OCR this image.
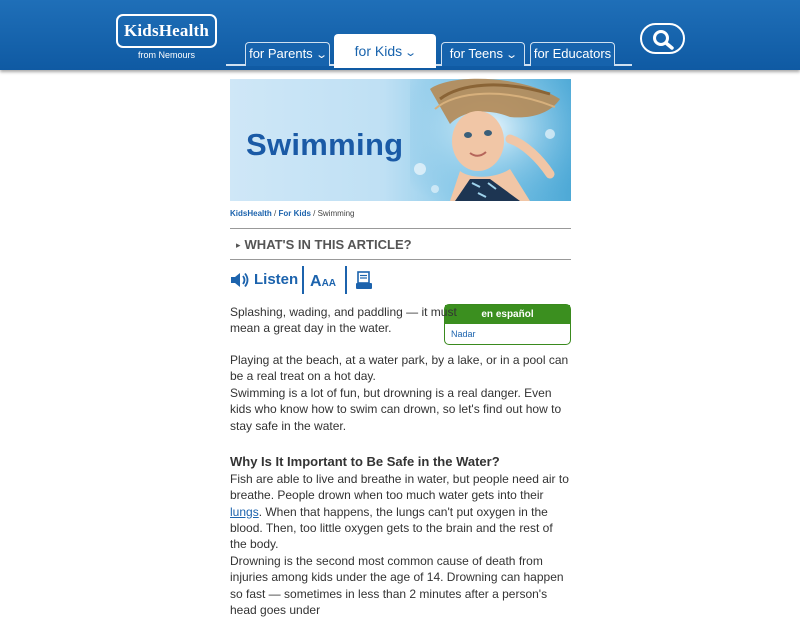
KidsHealth
from Nemours	for Parents ⌄	for Kids ⌄	for Teens ⌄	for Educators
Swimming
KidsHealth / For Kids / Swimming
▸ WHAT'S IN THIS ARTICLE?
Listen AAA
en español
Nadar
Splashing, wading, and paddling — it must mean a great day in the water.
Playing at the beach, at a water park, by a lake, or in a pool can be a real treat on a hot day.
Swimming is a lot of fun, but drowning is a real danger. Even kids who know how to swim can drown, so let's find out how to stay safe in the water.
Why Is It Important to Be Safe in the Water?
Fish are able to live and breathe in water, but people need air to breathe. People drown when too much water gets into their lungs. When that happens, the lungs can't put oxygen in the blood. Then, too little oxygen gets to the brain and the rest of the body.
Drowning is the second most common cause of death from injuries among kids under the age of 14. Drowning can happen so fast — sometimes in less than 2 minutes after a person's head goes under
